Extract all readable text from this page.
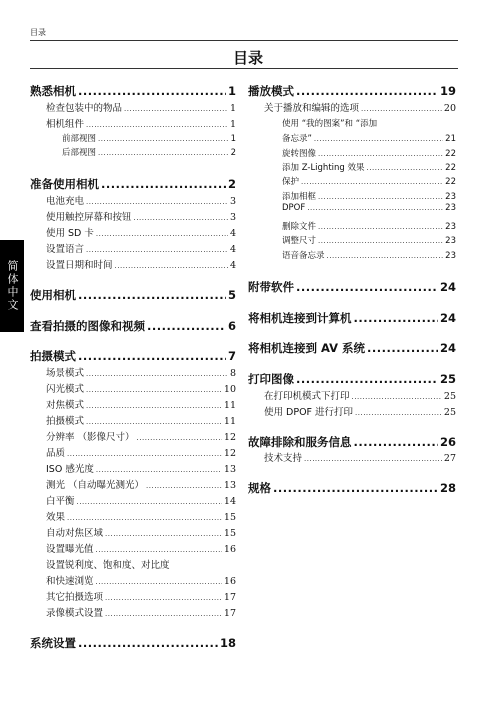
目录
目录
简体中文
熟悉相机 .....	1
检查包装中的物品 .....	1
相机组件 .....	1
前部视图 .....	1
后部视图 .....	2
准备使用相机 .....	2
电池充电 .....	3
使用触控屏幕和按钮 .....	3
使用 SD 卡 .....	4
设置语言 .....	4
设置日期和时间 .....	4
使用相机 .....	5
查看拍摄的图像和视频 .....	6
拍摄模式 .....	7
场景模式 .....	8
闪光模式 .....	10
对焦模式 .....	11
拍摄模式 .....	11
分辨率 （影像尺寸） .....	12
品质 .....	12
ISO 感光度 .....	13
测光 （自动曝光测光） .....	13
白平衡 .....	14
效果 .....	15
自动对焦区域 .....	15
设置曝光值 .....	16
和快速浏览 .....	16
其它拍摄选项 .....	17
录像模式设置 .....	17
系统设置 .....	18
播放模式 .....	19
关于播放和编辑的选项 .....	20
备忘录” .....	21
旋转图像 .....	22
添加 Z-Lighting 效果 .....	22
保护 .....	22
添加相框 .....	23
DPOF .....	23
删除文件 .....	23
调整尺寸 .....	23
语音备忘录 .....	23
附带软件 .....	24
将相机连接到计算机 .....	24
将相机连接到 AV 系统 .....	24
打印图像 .....	25
在打印机模式下打印 .....	25
使用 DPOF 进行打印 .....	25
故障排除和服务信息 .....	26
技术支持 .....	27
规格 .....	28
设置锐利度、饱和度、对比度
使用 “我的图案”和 “添加
